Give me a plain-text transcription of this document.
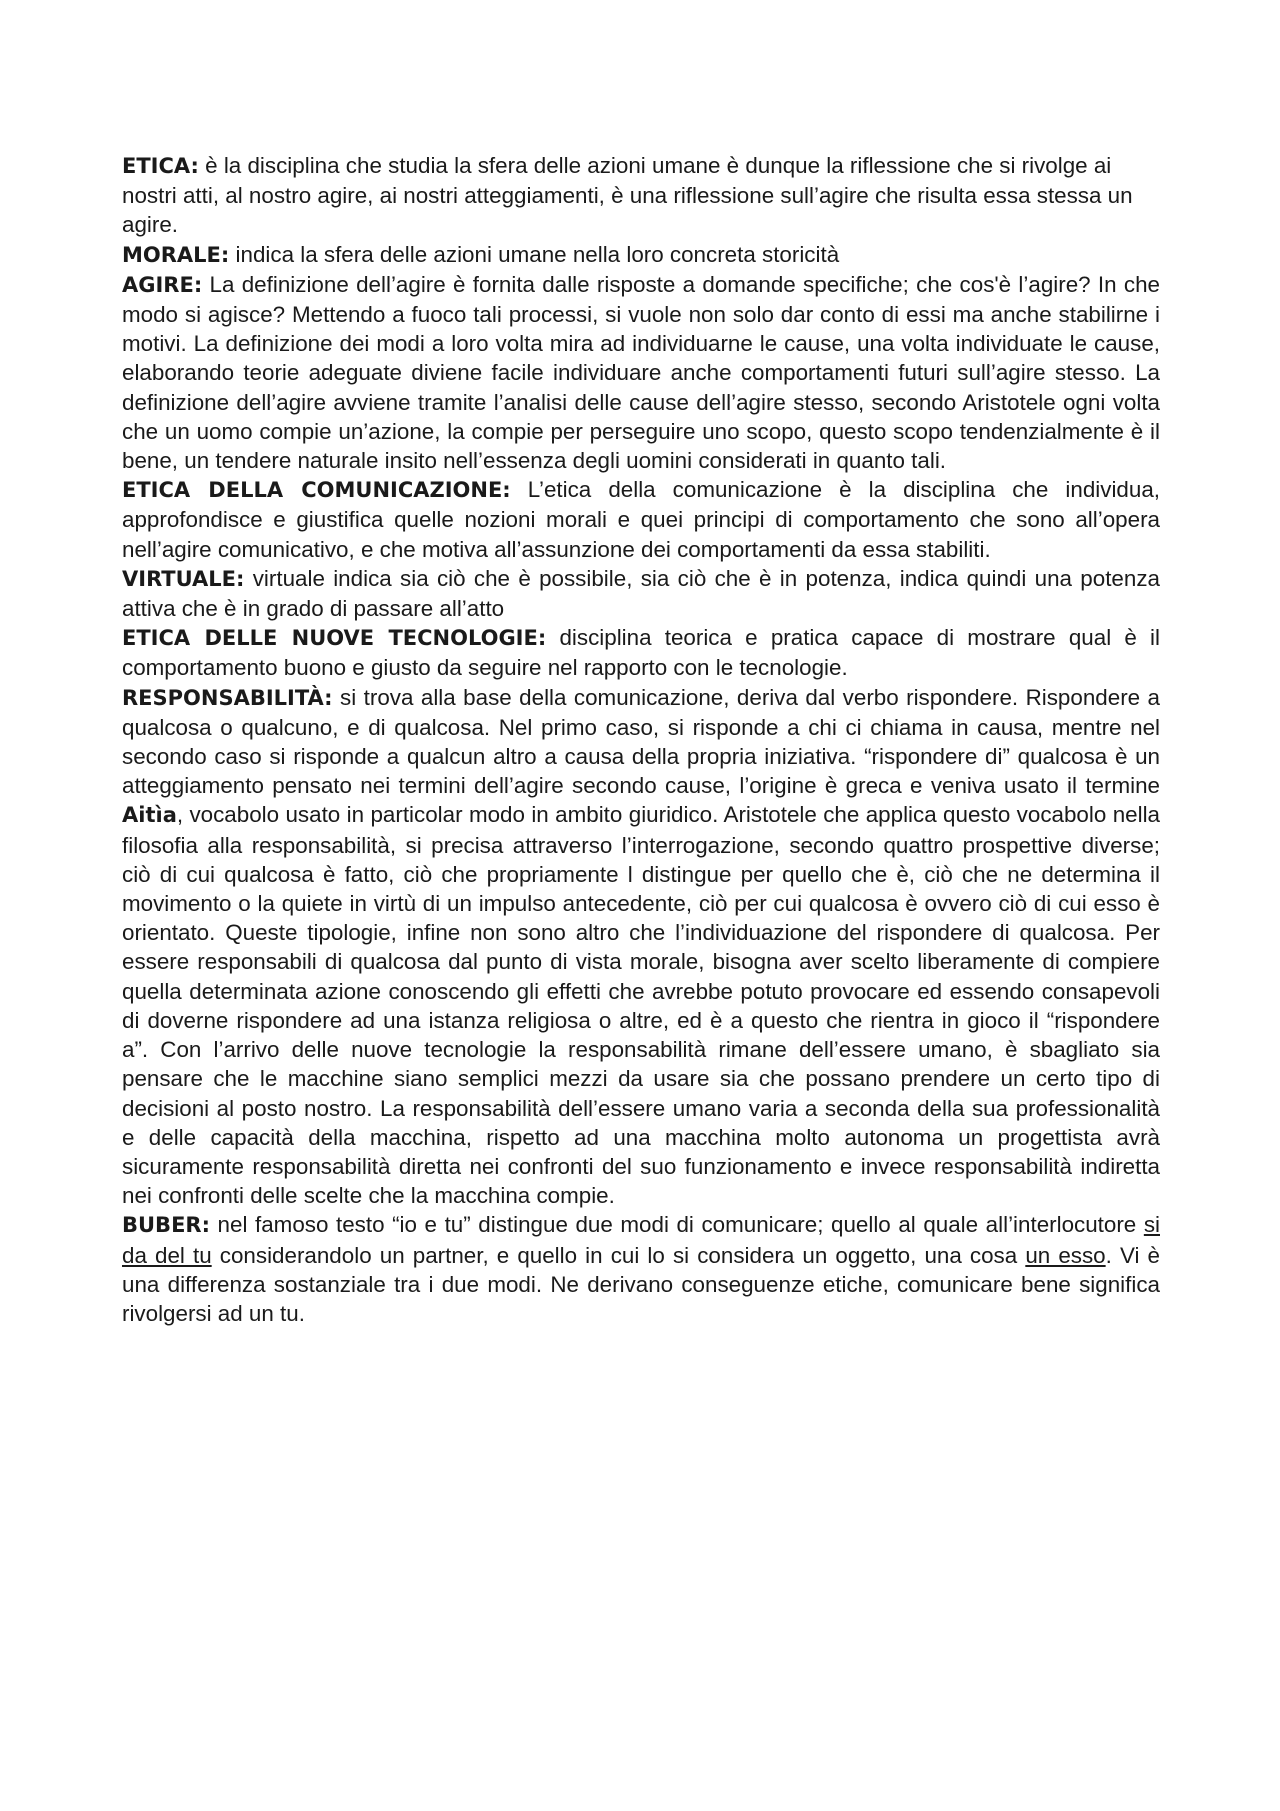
ETICA: è la disciplina che studia la sfera delle azioni umane è dunque la riflessione che si rivolge ai nostri atti, al nostro agire, ai nostri atteggiamenti, è una riflessione sull’agire che risulta essa stessa un agire.

MORALE: indica la sfera delle azioni umane nella loro concreta storicità

AGIRE: La definizione dell’agire è fornita dalle risposte a domande specifiche; che cos'è l’agire? In che modo si agisce? Mettendo a fuoco tali processi, si vuole non solo dar conto di essi ma anche stabilirne i motivi. La definizione dei modi a loro volta mira ad individuarne le cause, una volta individuate le cause, elaborando teorie adeguate diviene facile individuare anche comportamenti futuri sull’agire stesso. La definizione dell’agire avviene tramite l’analisi delle cause dell’agire stesso, secondo Aristotele ogni volta che un uomo compie un’azione, la compie per perseguire uno scopo, questo scopo tendenzialmente è il bene, un tendere naturale insito nell’essenza degli uomini considerati in quanto tali.

ETICA DELLA COMUNICAZIONE: L’etica della comunicazione è la disciplina che individua, approfondisce e giustifica quelle nozioni morali e quei principi di comportamento che sono all’opera nell’agire comunicativo, e che motiva all’assunzione dei comportamenti da essa stabiliti.

VIRTUALE: virtuale indica sia ciò che è possibile, sia ciò che è in potenza, indica quindi una potenza attiva che è in grado di passare all’atto

ETICA DELLE NUOVE TECNOLOGIE: disciplina teorica e pratica capace di mostrare qual è il comportamento buono e giusto da seguire nel rapporto con le tecnologie.

RESPONSABILITÀ: si trova alla base della comunicazione, deriva dal verbo rispondere. Rispondere a qualcosa o qualcuno, e di qualcosa. Nel primo caso, si risponde a chi ci chiama in causa, mentre nel secondo caso si risponde a qualcun altro a causa della propria iniziativa. “rispondere di” qualcosa è un atteggiamento pensato nei termini dell’agire secondo cause, l’origine è greca e veniva usato il termine Aitìa, vocabolo usato in particolar modo in ambito giuridico. Aristotele che applica questo vocabolo nella filosofia alla responsabilità, si precisa attraverso l’interrogazione, secondo quattro prospettive diverse; ciò di cui qualcosa è fatto, ciò che propriamente l distingue per quello che è, ciò che ne determina il movimento o la quiete in virtù di un impulso antecedente, ciò per cui qualcosa è ovvero ciò di cui esso è orientato. Queste tipologie, infine non sono altro che l’individuazione del rispondere di qualcosa. Per essere responsabili di qualcosa dal punto di vista morale, bisogna aver scelto liberamente di compiere quella determinata azione conoscendo gli effetti che avrebbe potuto provocare ed essendo consapevoli di doverne rispondere ad una istanza religiosa o altre, ed è a questo che rientra in gioco il “rispondere a”. Con l’arrivo delle nuove tecnologie la responsabilità rimane dell’essere umano, è sbagliato sia pensare che le macchine siano semplici mezzi da usare sia che possano prendere un certo tipo di decisioni al posto nostro. La responsabilità dell’essere umano varia a seconda della sua professionalità e delle capacità della macchina, rispetto ad una macchina molto autonoma un progettista avrà sicuramente responsabilità diretta nei confronti del suo funzionamento e invece responsabilità indiretta nei confronti delle scelte che la macchina compie.

BUBER: nel famoso testo “io e tu” distingue due modi di comunicare; quello al quale all’interlocutore si da del tu considerandolo un partner, e quello in cui lo si considera un oggetto, una cosa un esso. Vi è una differenza sostanziale tra i due modi. Ne derivano conseguenze etiche, comunicare bene significa rivolgersi ad un tu.
